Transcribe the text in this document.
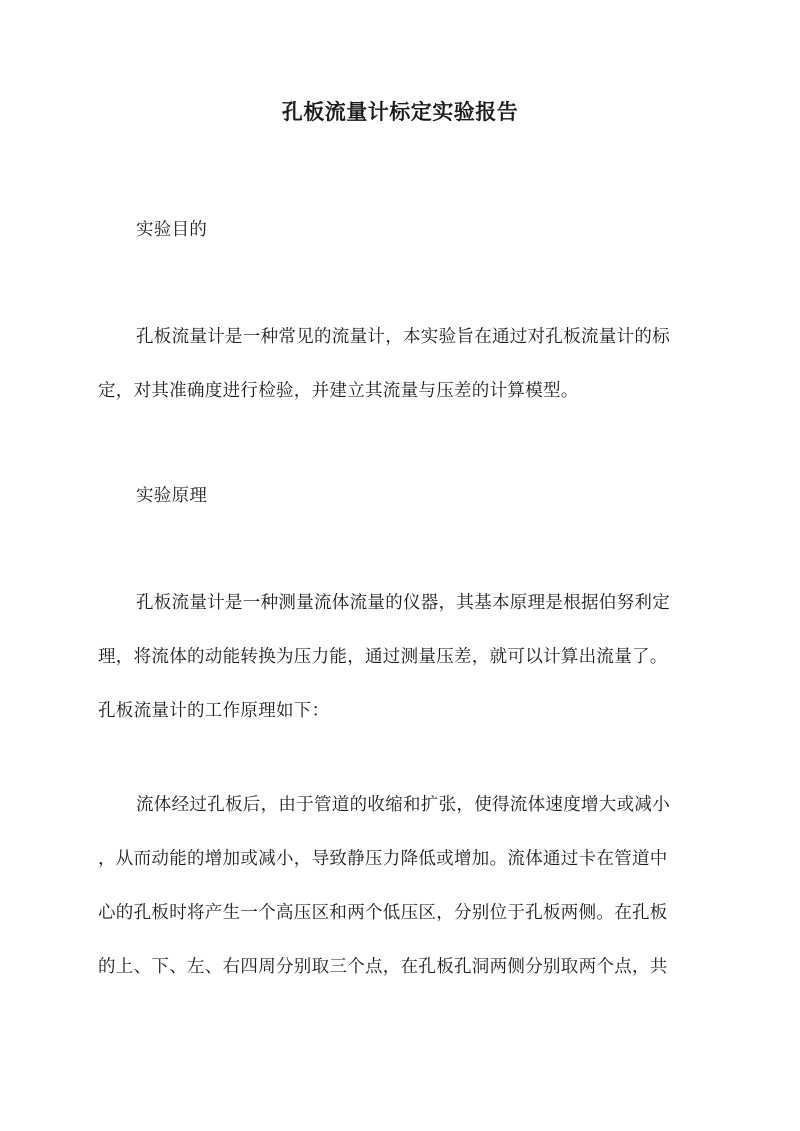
孔板流量计标定实验报告
实验目的
孔板流量计是一种常见的流量计，本实验旨在通过对孔板流量计的标
定，对其准确度进行检验，并建立其流量与压差的计算模型。
实验原理
孔板流量计是一种测量流体流量的仪器，其基本原理是根据伯努利定
理，将流体的动能转换为压力能，通过测量压差，就可以计算出流量了。
孔板流量计的工作原理如下：
流体经过孔板后，由于管道的收缩和扩张，使得流体速度增大或减小
，从而动能的增加或减小，导致静压力降低或增加。流体通过卡在管道中
心的孔板时将产生一个高压区和两个低压区，分别位于孔板两侧。在孔板
的上、下、左、右四周分别取三个点，在孔板孔洞两侧分别取两个点，共
